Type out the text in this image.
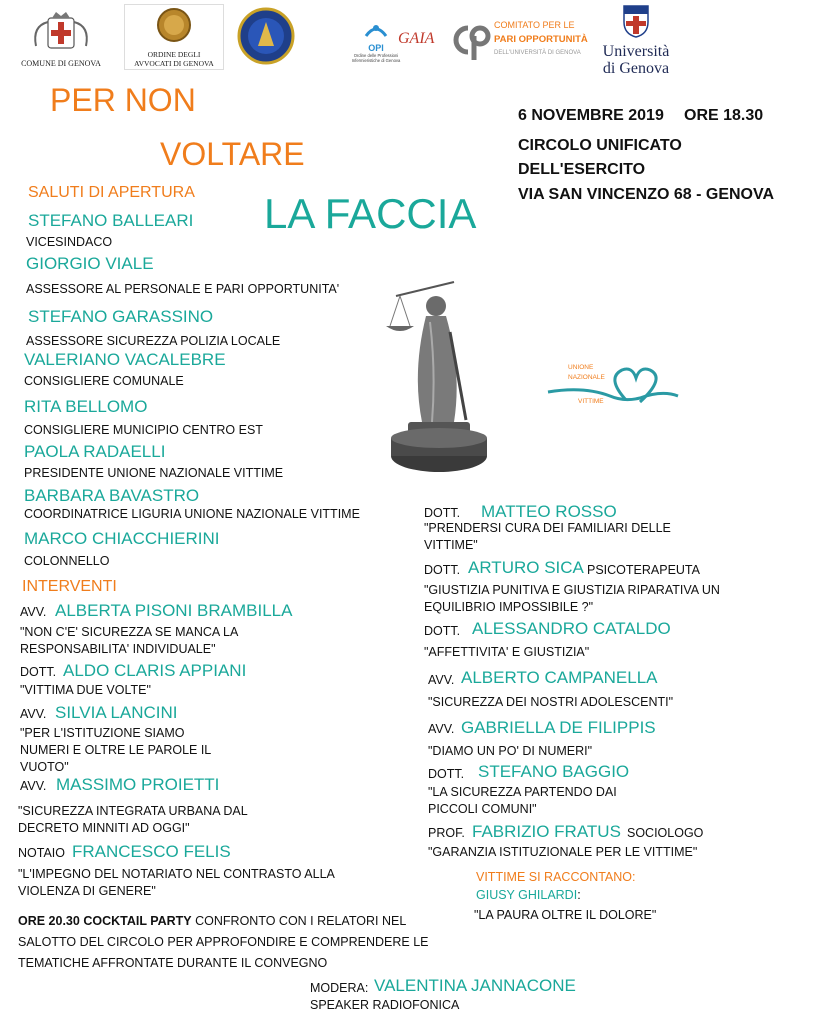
COMUNE DI GENOVA
ORDINE DEGLI AVVOCATI DI GENOVA
OPI
Ordine delle Professioni Infermieristiche di Genova
GAIA
COMITATO PER LE
PARI OPPORTUNITÀ
DELL'UNIVERSITÀ DI GENOVA	Università
di Genova
PER NON
VOLTARE
LA FACCIA
6 NOVEMBRE 2019 ORE 18.30
CIRCOLO UNIFICATO
DELL'ESERCITO
VIA SAN VINCENZO 68 - GENOVA
UNIONE
NAZIONALE
VITTIME
SALUTI DI APERTURA
STEFANO BALLEARI
VICESINDACO
GIORGIO VIALE
ASSESSORE AL PERSONALE E PARI OPPORTUNITA'
STEFANO GARASSINO
ASSESSORE SICUREZZA POLIZIA LOCALE
VALERIANO VACALEBRE
CONSIGLIERE COMUNALE
RITA BELLOMO
CONSIGLIERE MUNICIPIO CENTRO EST
PAOLA RADAELLI
PRESIDENTE UNIONE NAZIONALE VITTIME
BARBARA BAVASTRO
COORDINATRICE LIGURIA UNIONE NAZIONALE VITTIME
MARCO CHIACCHIERINI
COLONNELLO
INTERVENTI
AVV. ALBERTA PISONI BRAMBILLA
"NON C'E' SICUREZZA SE MANCA LA RESPONSABILITA' INDIVIDUALE"
DOTT. ALDO CLARIS APPIANI
"VITTIMA DUE VOLTE"
AVV. SILVIA LANCINI
"PER L'ISTITUZIONE SIAMO NUMERI E OLTRE LE PAROLE IL VUOTO"
AVV. MASSIMO PROIETTI
"SICUREZZA INTEGRATA URBANA DAL DECRETO MINNITI AD OGGI"
NOTAIO FRANCESCO FELIS
"L'IMPEGNO DEL NOTARIATO NEL CONTRASTO ALLA VIOLENZA DI GENERE"
DOTT. MATTEO ROSSO
"PRENDERSI CURA DEI FAMILIARI DELLE VITTIME"
DOTT. ARTURO SICA PSICOTERAPEUTA
"GIUSTIZIA PUNITIVA E GIUSTIZIA RIPARATIVA UN EQUILIBRIO IMPOSSIBILE ?"
DOTT. ALESSANDRO CATALDO
"AFFETTIVITA' E GIUSTIZIA"
AVV. ALBERTO CAMPANELLA
"SICUREZZA DEI NOSTRI ADOLESCENTI"
AVV. GABRIELLA DE FILIPPIS
"DIAMO UN PO' DI NUMERI"
DOTT. STEFANO BAGGIO
"LA SICUREZZA PARTENDO DAI PICCOLI COMUNI"
PROF. FABRIZIO FRATUS SOCIOLOGO
"GARANZIA ISTITUZIONALE PER LE VITTIME"
VITTIME SI RACCONTANO:
GIUSY GHILARDI:
"LA PAURA OLTRE IL DOLORE"
ORE 20.30 COCKTAIL PARTY CONFRONTO CON I RELATORI NEL
SALOTTO DEL CIRCOLO PER APPROFONDIRE E COMPRENDERE LE
TEMATICHE AFFRONTATE DURANTE IL CONVEGNO
MODERA: VALENTINA JANNACONE
SPEAKER RADIOFONICA
